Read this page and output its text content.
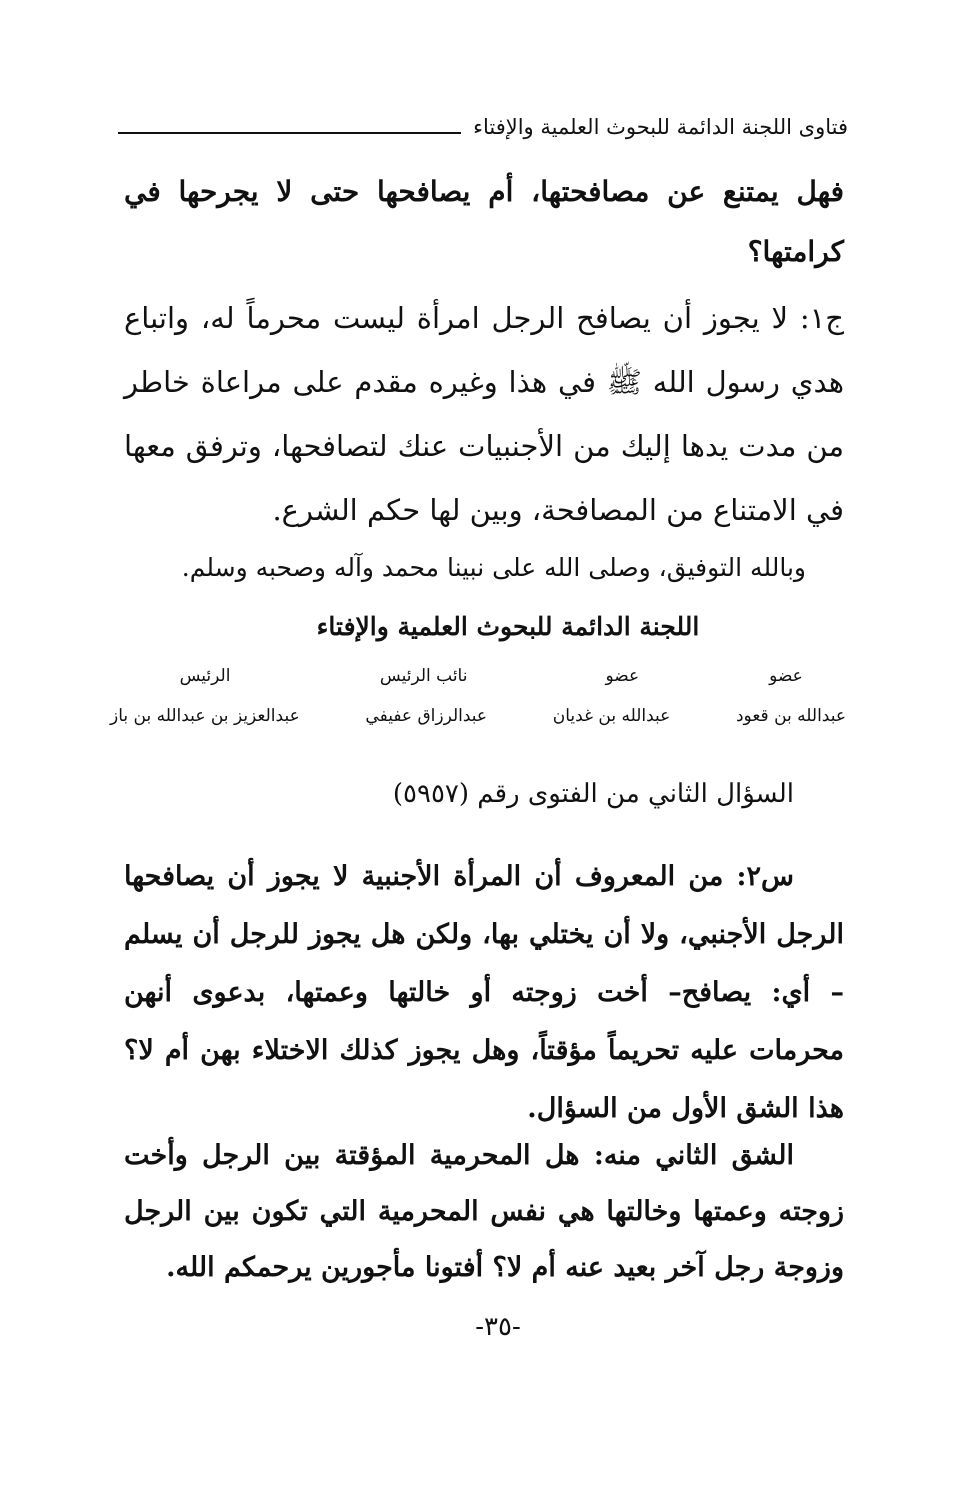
فتاوى اللجنة الدائمة للبحوث العلمية والإفتاء
فهل يمتنع عن مصافحتها، أم يصافحها حتى لا يجرحها في كرامتها؟
ج١: لا يجوز أن يصافح الرجل امرأة ليست محرماً له، واتباع هدي رسول الله ﷺ في هذا وغيره مقدم على مراعاة خاطر من مدت يدها إليك من الأجنبيات عنك لتصافحها، وترفق معها في الامتناع من المصافحة، وبين لها حكم الشرع.
وبالله التوفيق، وصلى الله على نبينا محمد وآله وصحبه وسلم.
اللجنة الدائمة للبحوث العلمية والإفتاء
عضو
عضو
نائب الرئيس
الرئيس
عبدالله بن قعود
عبدالله بن غديان
عبدالرزاق عفيفي
عبدالعزيز بن عبدالله بن باز
السؤال الثاني من الفتوى رقم (٥٩٥٧)
س٢: من المعروف أن المرأة الأجنبية لا يجوز أن يصافحها الرجل الأجنبي، ولا أن يختلي بها، ولكن هل يجوز للرجل أن يسلم – أي: يصافح– أخت زوجته أو خالتها وعمتها، بدعوى أنهن محرمات عليه تحريماً مؤقتاً، وهل يجوز كذلك الاختلاء بهن أم لا؟ هذا الشق الأول من السؤال.
الشق الثاني منه: هل المحرمية المؤقتة بين الرجل وأخت زوجته وعمتها وخالتها هي نفس المحرمية التي تكون بين الرجل وزوجة رجل آخر بعيد عنه أم لا؟ أفتونا مأجورين يرحمكم الله.
-٣٥-
